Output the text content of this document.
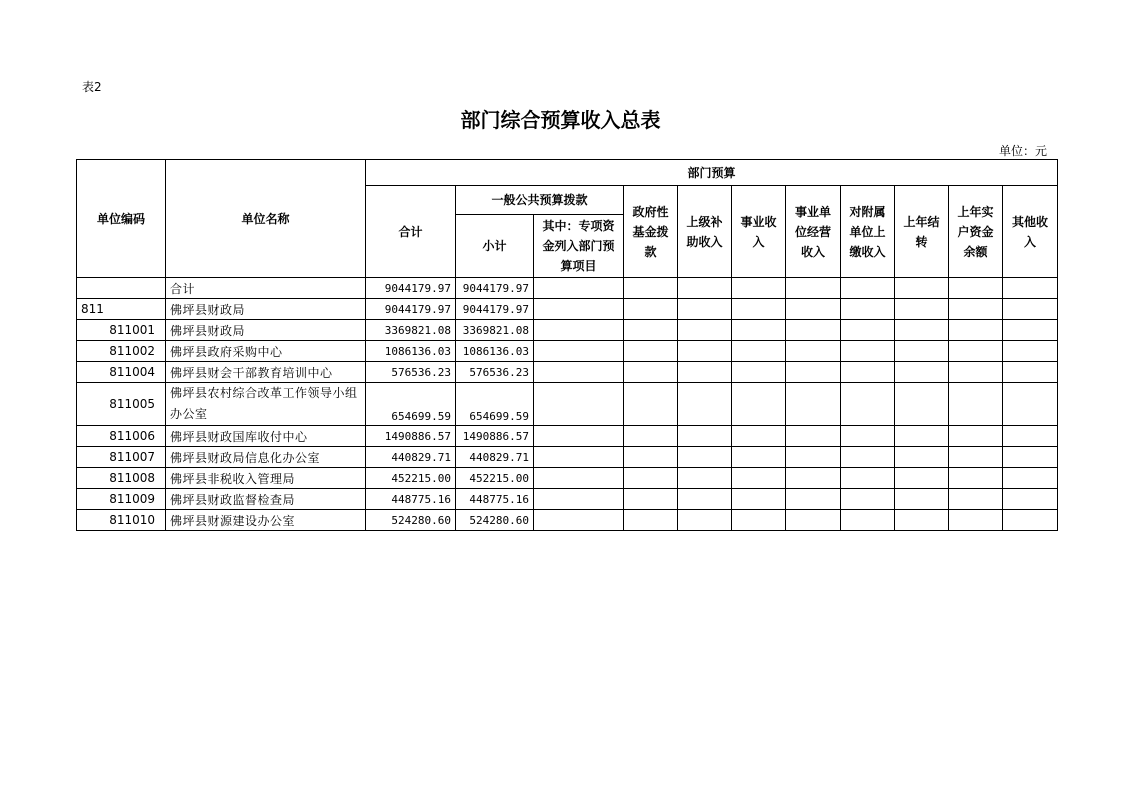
表2
部门综合预算收入总表
单位：元
单位编码	单位名称	部门预算										
		合计	一般公共预算拨款		政府性基金拨款	上级补助收入	事业收入	事业单位经营收入	对附属单位上缴收入	上年结转	上年实户资金余额	其他收入
			小计	其中：专项资金列入部门预算项目								
	合计	9044179.97	9044179.97									
811	佛坪县财政局	9044179.97	9044179.97									
811001	佛坪县财政局	3369821.08	3369821.08									
811002	佛坪县政府采购中心	1086136.03	1086136.03									
811004	佛坪县财会干部教育培训中心	576536.23	576536.23									
811005	佛坪县农村综合改革工作领导小组办公室	654699.59	654699.59									
811006	佛坪县财政国库收付中心	1490886.57	1490886.57									
811007	佛坪县财政局信息化办公室	440829.71	440829.71									
811008	佛坪县非税收入管理局	452215.00	452215.00									
811009	佛坪县财政监督检查局	448775.16	448775.16									
811010	佛坪县财源建设办公室	524280.60	524280.60									
